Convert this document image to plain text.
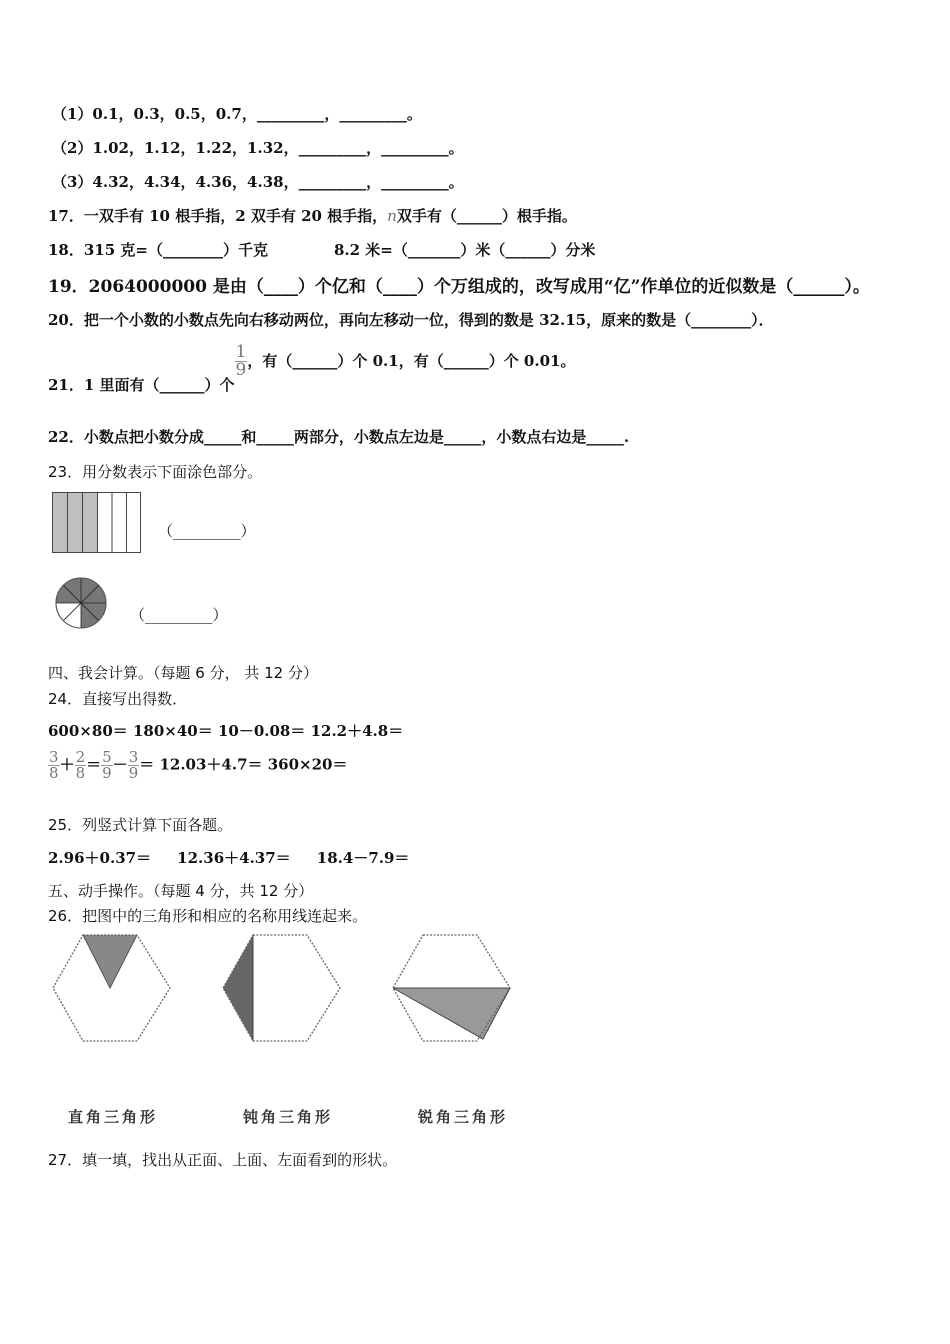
（1）0.1，0.3，0.5，0.7，_________，_________。
（2）1.02，1.12，1.22，1.32，_________，_________。
（3）4.32，4.34，4.36，4.38，_________，_________。
17．一双手有 10 根手指，2 双手有 20 根手指，n双手有（______）根手指。
18．315 克=（________）千克	8.2 米=（_______）米（______）分米
19．2064000000 是由（____）个亿和（____）个万组成的，改写成用“亿”作单位的近似数是（______）。
20．把一个小数的小数点先向右移动两位，再向左移动一位，得到的数是 32.15，原来的数是（________）．
21．1 里面有（______）个
$\frac{1}{9}$ ，有（______）个 0.1，有（______）个 0.01。
22．小数点把小数分成_____和_____两部分，小数点左边是_____，小数点右边是_____.
23．用分数表示下面涂色部分。
（_________）
（_________）
四、我会计算。（每题 6 分， 共 12 分）
24．直接写出得数．
600×80＝ 180×40＝ 10－0.08＝ 12.2＋4.8＝
$\frac{3}{8} + \frac{2}{8} = \frac{5}{9} - \frac{3}{9} = 12.03+4.7= 360\times 20=$
25．列竖式计算下面各题。
2.96＋0.37＝     12.36＋4.37＝     18.4－7.9＝
五、动手操作。（每题 4 分，共 12 分）
26．把图中的三角形和相应的名称用线连起来。
直角三角形	钝角三角形	锐角三角形
27．填一填，找出从正面、上面、左面看到的形状。
